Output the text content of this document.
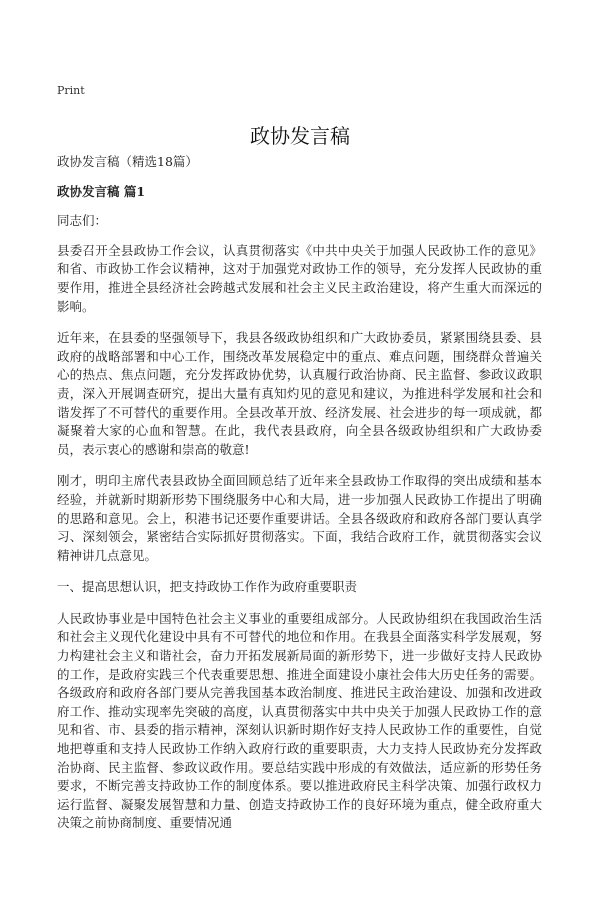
Print
政协发言稿

政协发言稿（精选18篇）

政协发言稿 篇1

同志们：

县委召开全县政协工作会议，认真贯彻落实《中共中央关于加强人民政协工作的意见》和省、市政协工作会议精神，这对于加强党对政协工作的领导，充分发挥人民政协的重要作用，推进全县经济社会跨越式发展和社会主义民主政治建设，将产生重大而深远的影响。

近年来，在县委的坚强领导下，我县各级政协组织和广大政协委员，紧紧围绕县委、县政府的战略部署和中心工作，围绕改革发展稳定中的重点、难点问题，围绕群众普遍关心的热点、焦点问题，充分发挥政协优势，认真履行政治协商、民主监督、参政议政职责，深入开展调查研究，提出大量有真知灼见的意见和建议，为推进科学发展和社会和谐发挥了不可替代的重要作用。全县改革开放、经济发展、社会进步的每一项成就，都凝聚着大家的心血和智慧。在此，我代表县政府，向全县各级政协组织和广大政协委员，表示衷心的感谢和崇高的敬意!

刚才，明印主席代表县政协全面回顾总结了近年来全县政协工作取得的突出成绩和基本经验，并就新时期新形势下围绕服务中心和大局，进一步加强人民政协工作提出了明确的思路和意见。会上，积港书记还要作重要讲话。全县各级政府和政府各部门要认真学习、深刻领会，紧密结合实际抓好贯彻落实。下面，我结合政府工作，就贯彻落实会议精神讲几点意见。

一、提高思想认识，把支持政协工作作为政府重要职责

人民政协事业是中国特色社会主义事业的重要组成部分。人民政协组织在我国政治生活和社会主义现代化建设中具有不可替代的地位和作用。在我县全面落实科学发展观，努力构建社会主义和谐社会，奋力开拓发展新局面的新形势下，进一步做好支持人民政协的工作，是政府实践三个代表重要思想、推进全面建设小康社会伟大历史任务的需要。各级政府和政府各部门要从完善我国基本政治制度、推进民主政治建设、加强和改进政府工作、推动实现率先突破的高度，认真贯彻落实中共中央关于加强人民政协工作的意见和省、市、县委的指示精神，深刻认识新时期作好支持人民政协工作的重要性，自觉地把尊重和支持人民政协工作纳入政府行政的重要职责，大力支持人民政协充分发挥政治协商、民主监督、参政议政作用。要总结实践中形成的有效做法，适应新的形势任务要求，不断完善支持政协工作的制度体系。要以推进政府民主科学决策、加强行政权力运行监督、凝聚发展智慧和力量、创造支持政协工作的良好环境为重点，健全政府重大决策之前协商制度、重要情况通
